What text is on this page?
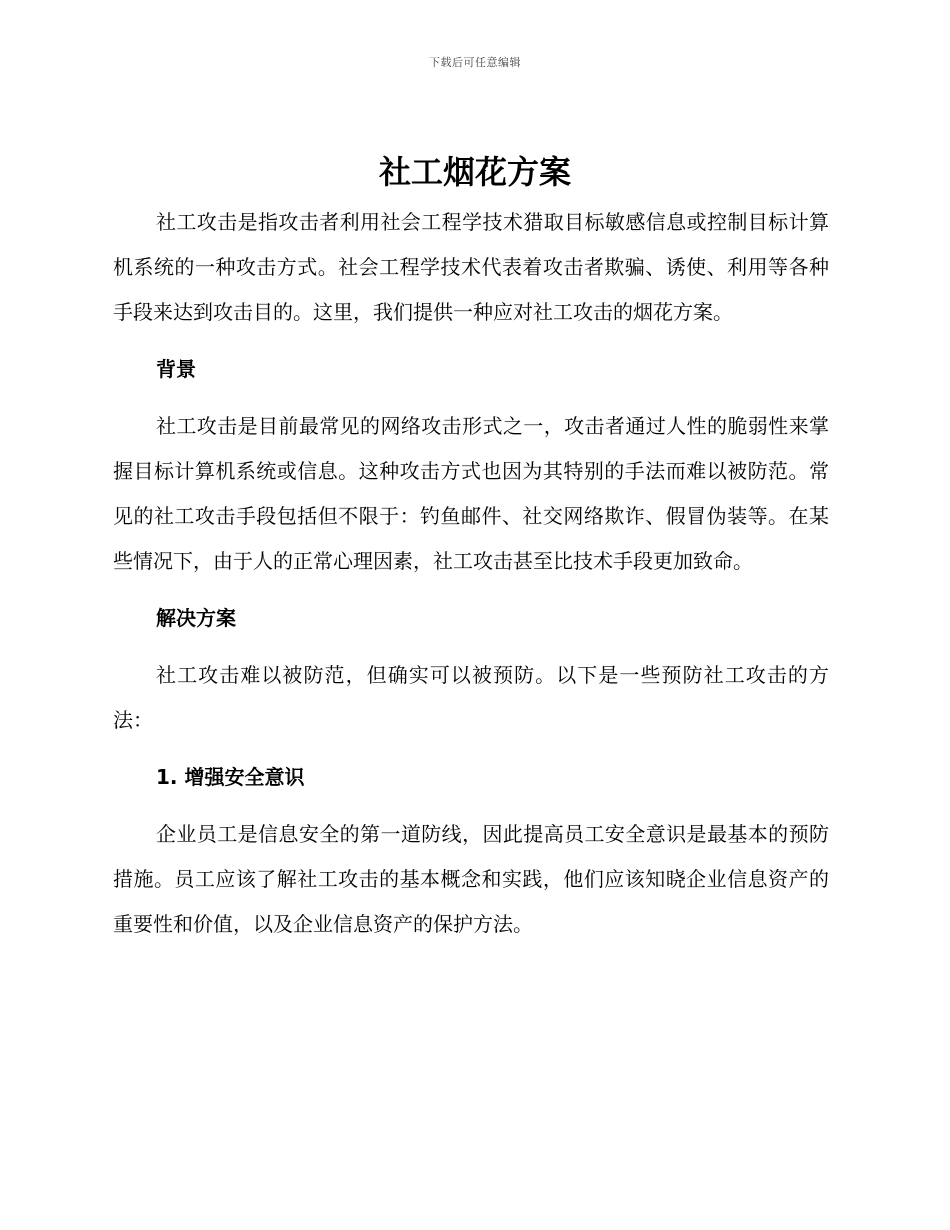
下载后可任意编辑
社工烟花方案

社工攻击是指攻击者利用社会工程学技术猎取目标敏感信息或控制目标计算机系统的一种攻击方式。社会工程学技术代表着攻击者欺骗、诱使、利用等各种手段来达到攻击目的。这里，我们提供一种应对社工攻击的烟花方案。

背景

社工攻击是目前最常见的网络攻击形式之一，攻击者通过人性的脆弱性来掌握目标计算机系统或信息。这种攻击方式也因为其特别的手法而难以被防范。常见的社工攻击手段包括但不限于：钓鱼邮件、社交网络欺诈、假冒伪装等。在某些情况下，由于人的正常心理因素，社工攻击甚至比技术手段更加致命。

解决方案

社工攻击难以被防范，但确实可以被预防。以下是一些预防社工攻击的方法：

1. 增强安全意识

企业员工是信息安全的第一道防线，因此提高员工安全意识是最基本的预防措施。员工应该了解社工攻击的基本概念和实践，他们应该知晓企业信息资产的重要性和价值，以及企业信息资产的保护方法。
